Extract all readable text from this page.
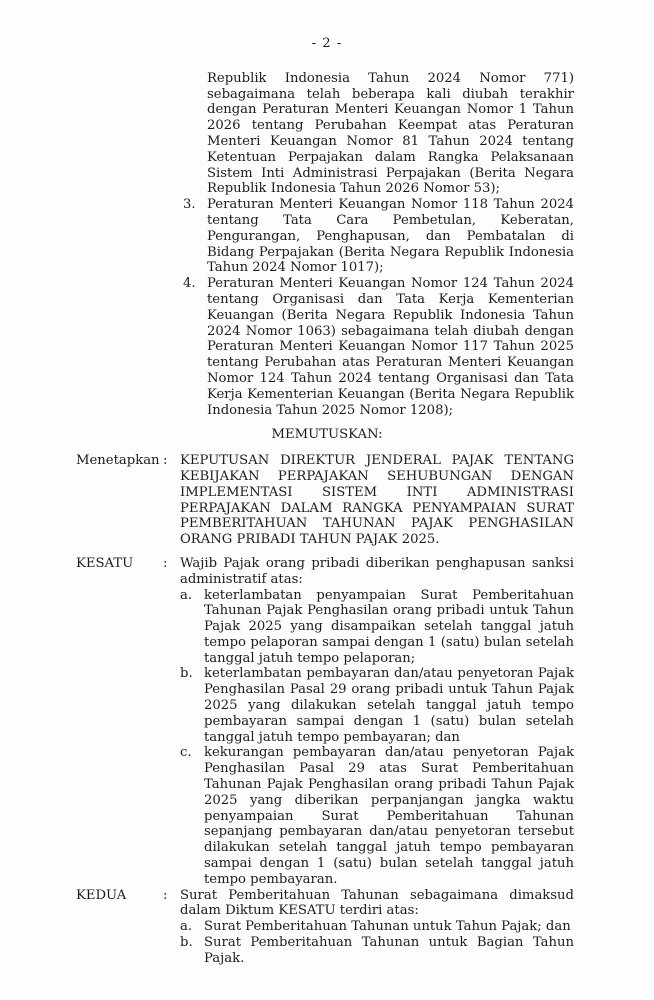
- 2 -

Republik Indonesia Tahun 2024 Nomor 771) sebagaimana telah beberapa kali diubah terakhir dengan Peraturan Menteri Keuangan Nomor 1 Tahun 2026 tentang Perubahan Keempat atas Peraturan Menteri Keuangan Nomor 81 Tahun 2024 tentang Ketentuan Perpajakan dalam Rangka Pelaksanaan Sistem Inti Administrasi Perpajakan (Berita Negara Republik Indonesia Tahun 2026 Nomor 53);

3. Peraturan Menteri Keuangan Nomor 118 Tahun 2024 tentang Tata Cara Pembetulan, Keberatan, Pengurangan, Penghapusan, dan Pembatalan di Bidang Perpajakan (Berita Negara Republik Indonesia Tahun 2024 Nomor 1017);
4. Peraturan Menteri Keuangan Nomor 124 Tahun 2024 tentang Organisasi dan Tata Kerja Kementerian Keuangan (Berita Negara Republik Indonesia Tahun 2024 Nomor 1063) sebagaimana telah diubah dengan Peraturan Menteri Keuangan Nomor 117 Tahun 2025 tentang Perubahan atas Peraturan Menteri Keuangan Nomor 124 Tahun 2024 tentang Organisasi dan Tata Kerja Kementerian Keuangan (Berita Negara Republik Indonesia Tahun 2025 Nomor 1208);
MEMUTUSKAN:
Menetapkan : KEPUTUSAN DIREKTUR JENDERAL PAJAK TENTANG KEBIJAKAN PERPAJAKAN SEHUBUNGAN DENGAN IMPLEMENTASI SISTEM INTI ADMINISTRASI PERPAJAKAN DALAM RANGKA PENYAMPAIAN SURAT PEMBERITAHUAN TAHUNAN PAJAK PENGHASILAN ORANG PRIBADI TAHUN PAJAK 2025.

KESATU	: Wajib Pajak orang pribadi diberikan penghapusan sanksi administratif atas:

a. keterlambatan penyampaian Surat Pemberitahuan Tahunan Pajak Penghasilan orang pribadi untuk Tahun Pajak 2025 yang disampaikan setelah tanggal jatuh tempo pelaporan sampai dengan 1 (satu) bulan setelah tanggal jatuh tempo pelaporan;
b. keterlambatan pembayaran dan/atau penyetoran Pajak Penghasilan Pasal 29 orang pribadi untuk Tahun Pajak 2025 yang dilakukan setelah tanggal jatuh tempo pembayaran sampai dengan 1 (satu) bulan setelah tanggal jatuh tempo pembayaran; dan
c. kekurangan pembayaran dan/atau penyetoran Pajak Penghasilan Pasal 29 atas Surat Pemberitahuan Tahunan Pajak Penghasilan orang pribadi Tahun Pajak 2025 yang diberikan perpanjangan jangka waktu penyampaian Surat Pemberitahuan Tahunan sepanjang pembayaran dan/atau penyetoran tersebut dilakukan setelah tanggal jatuh tempo pembayaran sampai dengan 1 (satu) bulan setelah tanggal jatuh tempo pembayaran.
KEDUA	: Surat Pemberitahuan Tahunan sebagaimana dimaksud dalam Diktum KESATU terdiri atas:

a. Surat Pemberitahuan Tahunan untuk Tahun Pajak; dan
b. Surat Pemberitahuan Tahunan untuk Bagian Tahun Pajak.
